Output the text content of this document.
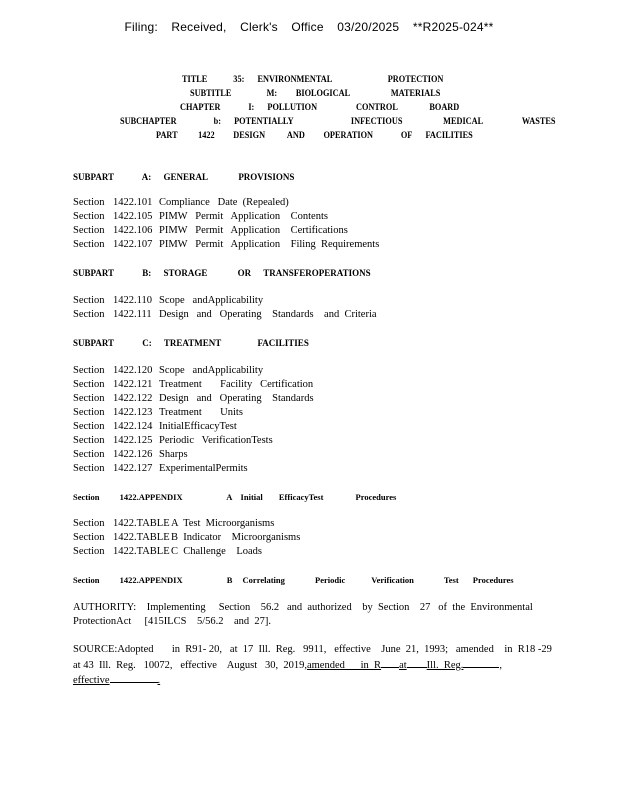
Filing: Received, Clerk's Office 03/20/2025 **R2025-024**
TITLE	35: ENVIRONMENTAL	PROTECTION
SUBTITLE	M: BIOLOGICAL	MATERIALS
CHAPTER	I: POLLUTION	CONTROL	BOARD
SUBCHAPTER	b: POTENTIALLY	INFECTIOUS	MEDICAL	WASTES
PART 1422 DESIGN AND OPERATION	OF FACILITIES
SUBPART	A: GENERAL	PROVISIONS
Section 1422.101 Compliance   Date  (Repealed)
Section 1422.105 PIMW   Permit   Application    Contents
Section 1422.106 PIMW   Permit   Application    Certifications
Section 1422.107 PIMW   Permit   Application    Filing  Requirements
SUBPART	B: STORAGE	OR TRANSFEROPERATIONS
Section 1422.110 Scope   andApplicability
Section 1422.111 Design   and   Operating    Standards    and  Criteria
SUBPART	C: TREATMENT	FACILITIES
Section 1422.120 Scope   andApplicability
Section 1422.121 Treatment       Facility   Certification
Section 1422.122 Design   and   Operating    Standards
Section 1422.123 Treatment       Units
Section 1422.124 InitialEfficacyTest
Section 1422.125 Periodic   VerificationTests
Section 1422.126 Sharps
Section 1422.127 ExperimentalPermits
Section 1422.APPENDIX	A Initial EfficacyTest	Procedures
Section 1422.TABLEA  Test  Microorganisms
Section 1422.TABLEB  Indicator    Microorganisms
Section 1422.TABLEC  Challenge    Loads
Section 1422.APPENDIX	B Correlating	Periodic	Verification	Test Procedures
AUTHORITY:    Implementing     Section    56.2   and  authorized    by  Section    27   of  the  Environmental
ProtectionAct     [415ILCS    5/56.2    and  27].
SOURCE:Adopted       in  R91- 20,   at  17  Ill.  Reg.   9911,   effective    June  21,  1993;   amended    in  R18 -29
at 43  Ill.  Reg.   10072,   effective    August   30,  2019,amended      in  R at Ill.  Reg.	,
effective	.
